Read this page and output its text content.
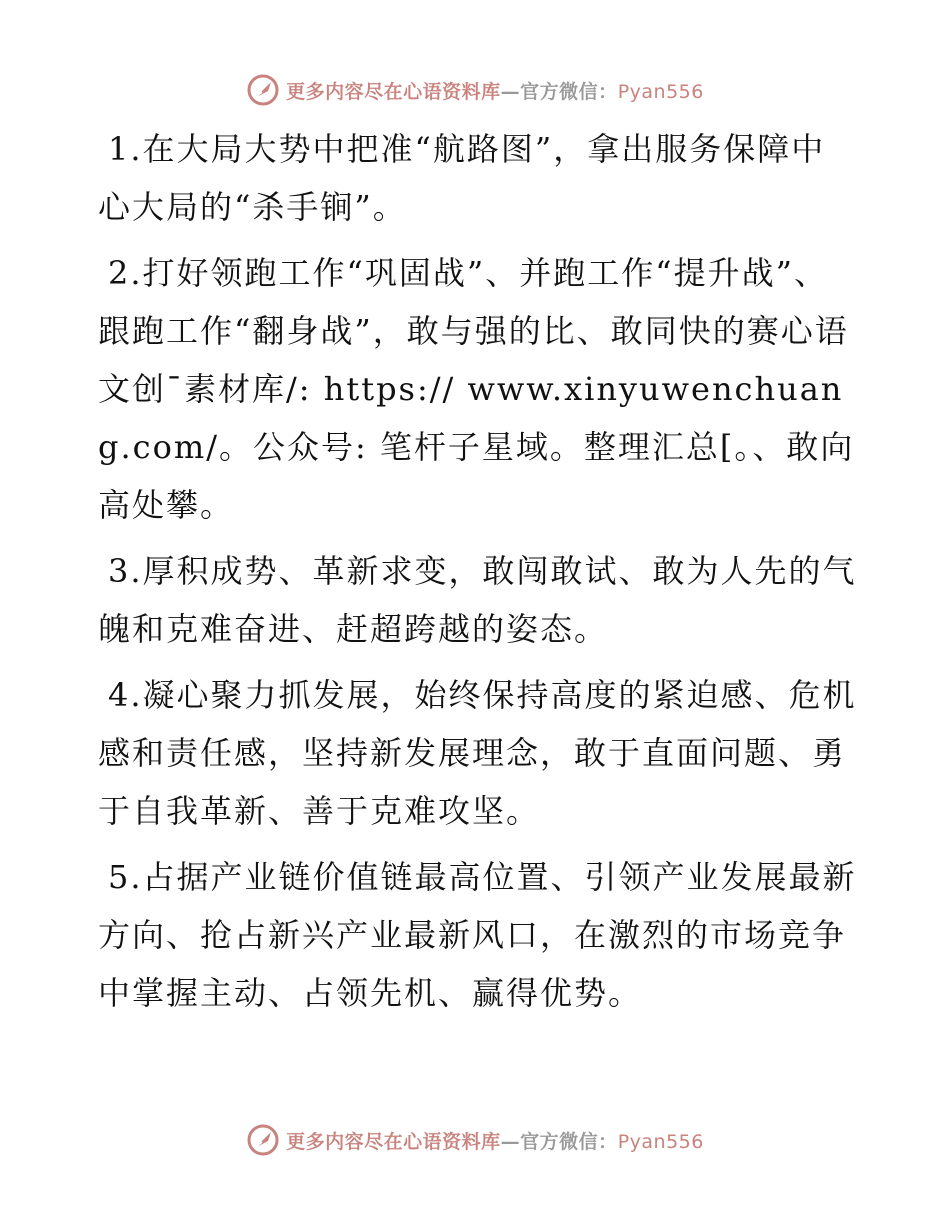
更多内容尽在心语资料库—官方微信：Pyan556

1.在大局大势中把准“航路图”，拿出服务保障中心大局的“杀手锏”。

2.打好领跑工作“巩固战”、并跑工作“提升战”、跟跑工作“翻身战”，敢与强的比、敢同快的赛心语文创¯素材库/: https:// www.xinyuwenchuang.com/。公众号: 笔杆子星域。整理汇总[。、敢向高处攀。

3.厚积成势、革新求变，敢闯敢试、敢为人先的气魄和克难奋进、赶超跨越的姿态。

4.凝心聚力抓发展，始终保持高度的紧迫感、危机感和责任感，坚持新发展理念，敢于直面问题、勇于自我革新、善于克难攻坚。

5.占据产业链价值链最高位置、引领产业发展最新方向、抢占新兴产业最新风口，在激烈的市场竞争中掌握主动、占领先机、赢得优势。

更多内容尽在心语资料库—官方微信：Pyan556
